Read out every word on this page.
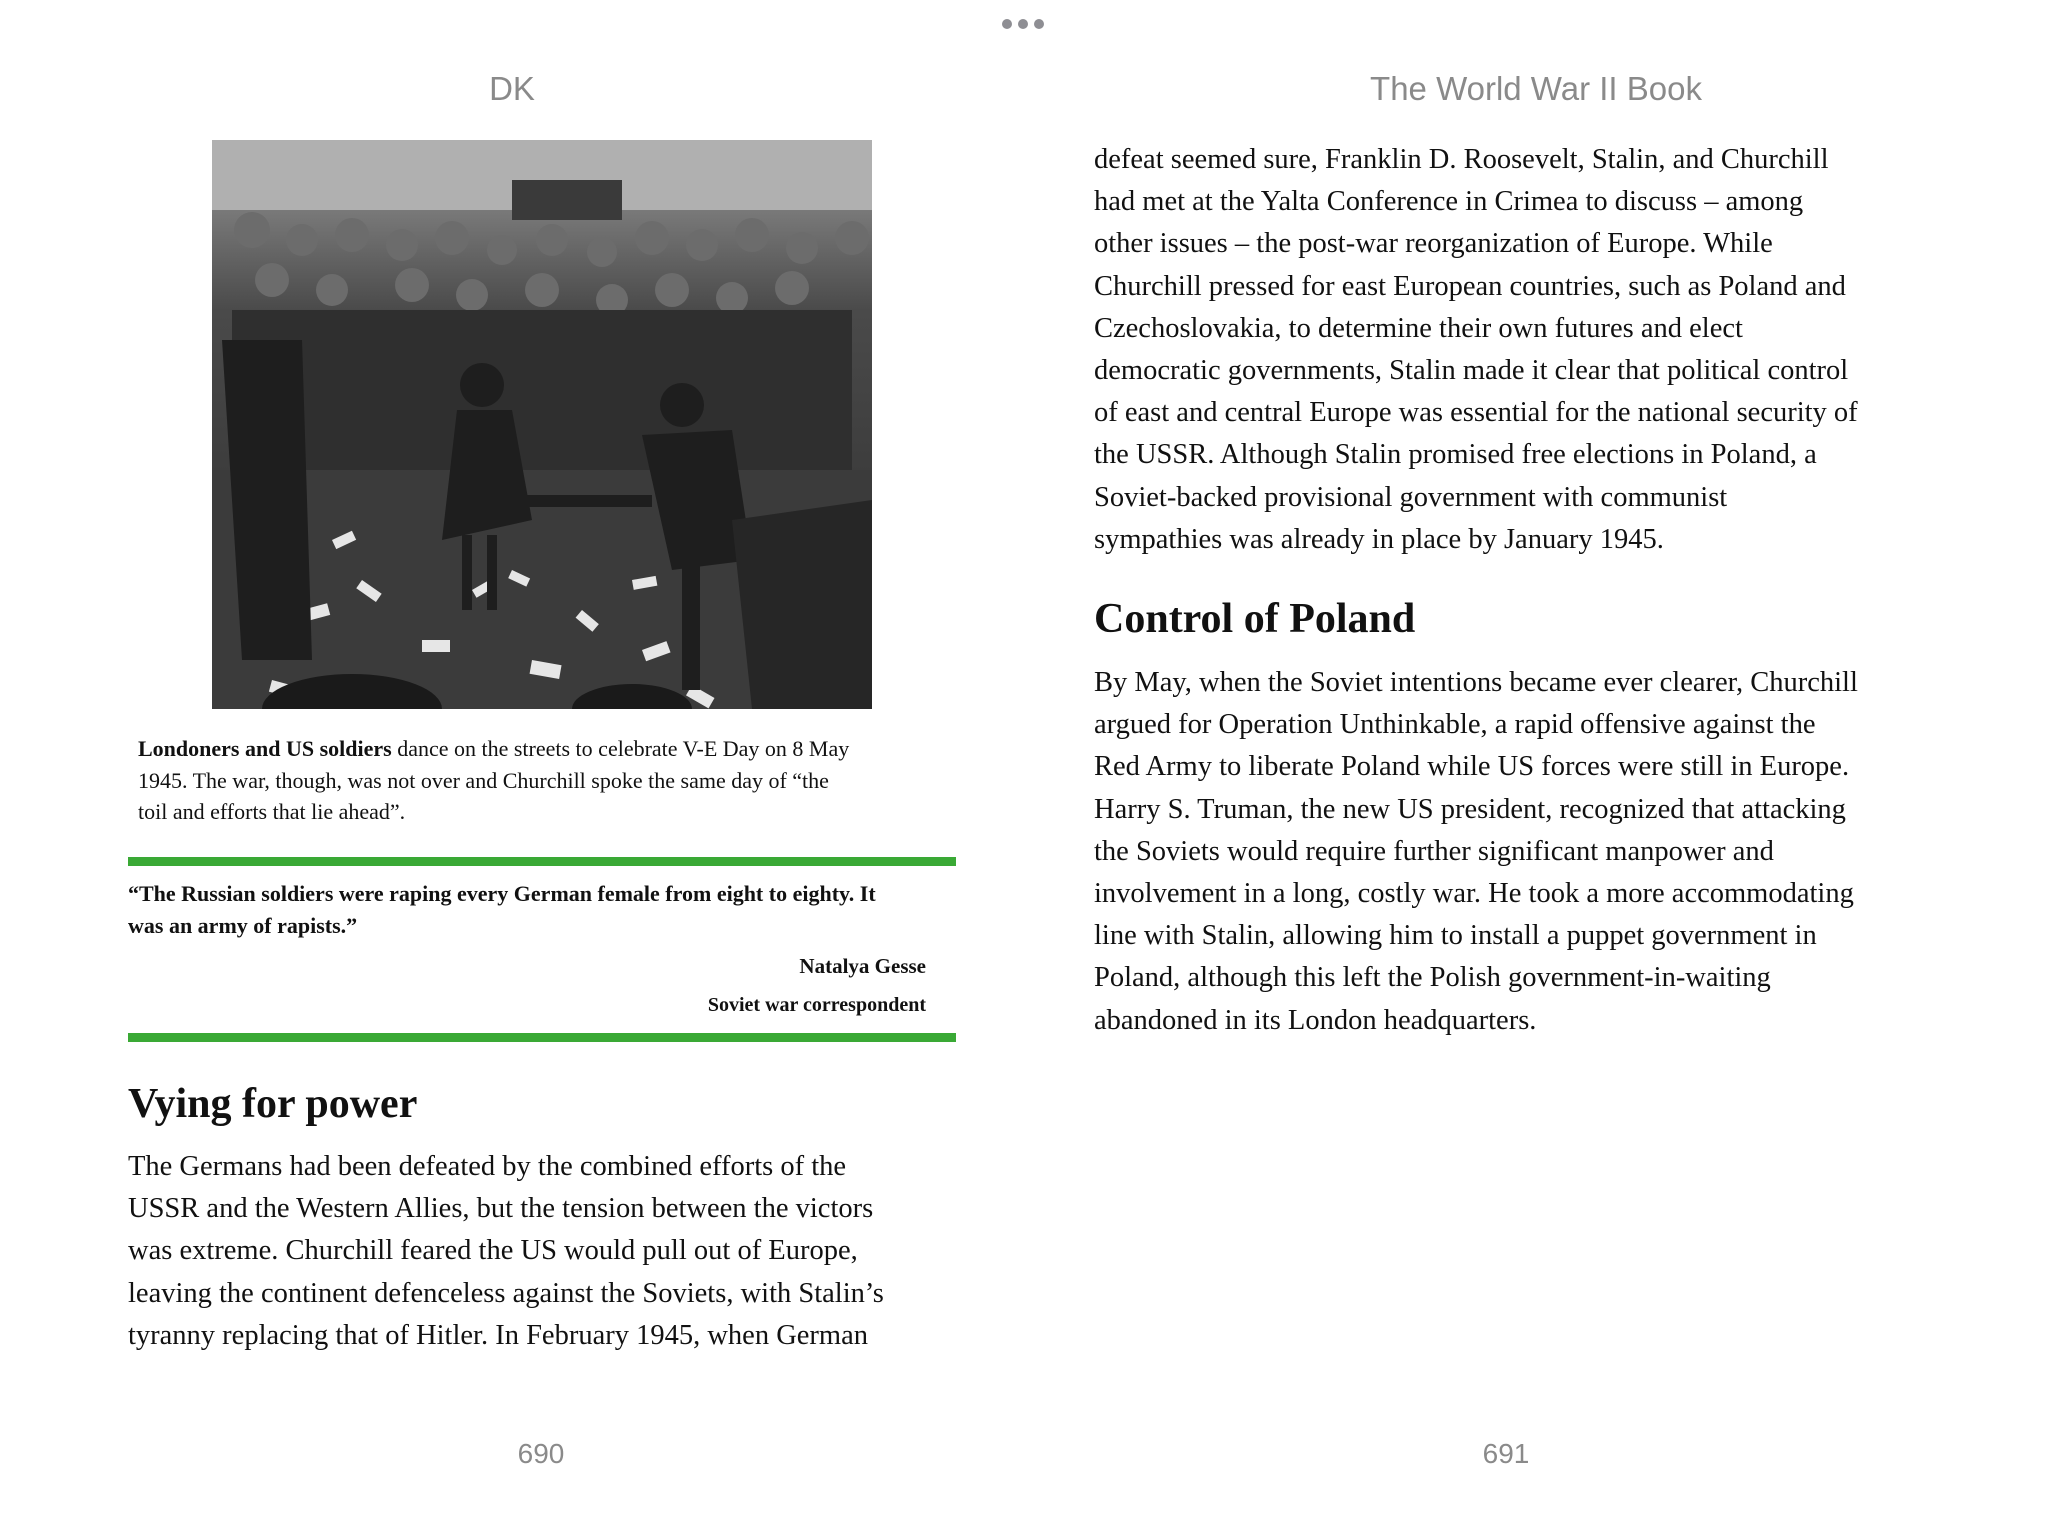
DK	The World War II Book
Londoners and US soldiers dance on the streets to celebrate V-E Day on 8 May
1945. The war, though, was not over and Churchill spoke the same day of “the
toil and efforts that lie ahead”.
“The Russian soldiers were raping every German female from eight to eighty. It
was an army of rapists.”
Natalya Gesse
Soviet war correspondent
Vying for power
The Germans had been defeated by the combined efforts of the
USSR and the Western Allies, but the tension between the victors
was extreme. Churchill feared the US would pull out of Europe,
leaving the continent defenceless against the Soviets, with Stalin’s
tyranny replacing that of Hitler. In February 1945, when German
defeat seemed sure, Franklin D. Roosevelt, Stalin, and Churchill
had met at the Yalta Conference in Crimea to discuss – among
other issues – the post-war reorganization of Europe. While
Churchill pressed for east European countries, such as Poland and
Czechoslovakia, to determine their own futures and elect
democratic governments, Stalin made it clear that political control
of east and central Europe was essential for the national security of
the USSR. Although Stalin promised free elections in Poland, a
Soviet-backed provisional government with communist
sympathies was already in place by January 1945.
Control of Poland
By May, when the Soviet intentions became ever clearer, Churchill
argued for Operation Unthinkable, a rapid offensive against the
Red Army to liberate Poland while US forces were still in Europe.
Harry S. Truman, the new US president, recognized that attacking
the Soviets would require further significant manpower and
involvement in a long, costly war. He took a more accommodating
line with Stalin, allowing him to install a puppet government in
Poland, although this left the Polish government-in-waiting
abandoned in its London headquarters.
690	691
